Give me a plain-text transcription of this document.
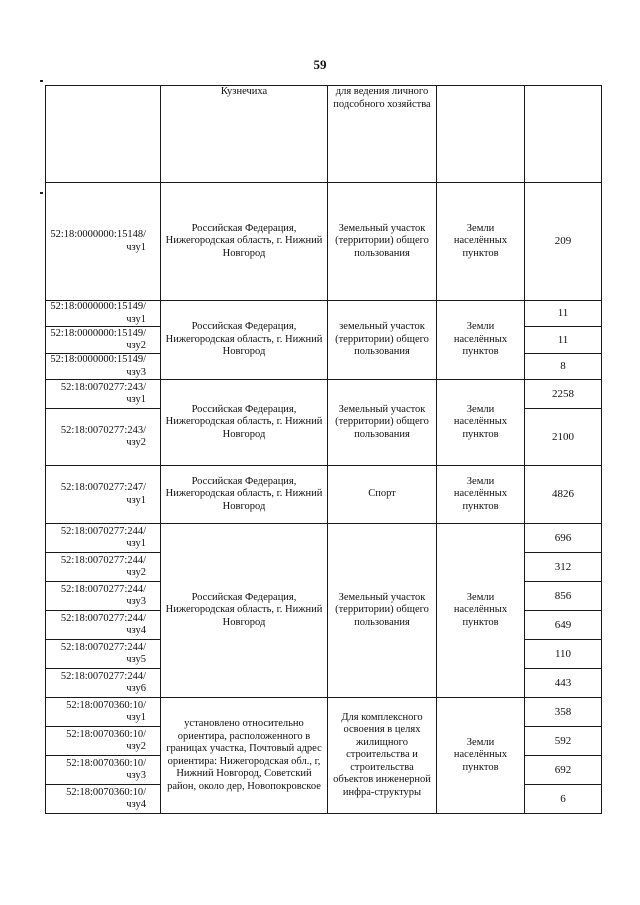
59
	Кузнечиха	для ведения личного подсобного хозяйства		
52:18:0000000:15148/чзу1	Российская Федерация, Нижегородская область, г. Нижний Новгород	Земельный участок (территории) общего пользования	Земли населённых пунктов	209
52:18:0000000:15149/чзу1	Российская Федерация, Нижегородская область, г. Нижний Новгород	земельный участок (территории) общего пользования	Земли населённых пунктов	11
52:18:0000000:15149/чзу2				11
52:18:0000000:15149/чзу3				8
52:18:0070277:243/чзу1	Российская Федерация, Нижегородская область, г. Нижний Новгород	Земельный участок (территории) общего пользования	Земли населённых пунктов	2258
52:18:0070277:243/чзу2				2100
52:18:0070277:247/чзу1	Российская Федерация, Нижегородская область, г. Нижний Новгород	Спорт	Земли населённых пунктов	4826
52:18:0070277:244/чзу1	Российская Федерация, Нижегородская область, г. Нижний Новгород	Земельный участок (территории) общего пользования	Земли населённых пунктов	696
52:18:0070277:244/чзу2				312
52:18:0070277:244/чзу3				856
52:18:0070277:244/чзу4				649
52:18:0070277:244/чзу5				110
52:18:0070277:244/чзу6				443
52:18:0070360:10/чзу1	установлено относительно ориентира, расположенного в границах участка, Почтовый адрес ориентира: Нижегородская обл., г, Нижний Новгород, Советский район, около дер, Новопокровское	Для комплексного освоения в целях жилищного строительства и строительства объектов инженерной инфра-структуры	Земли населённых пунктов	358
52:18:0070360:10/чзу2				592
52:18:0070360:10/чзу3				692
52:18:0070360:10/чзу4				6
